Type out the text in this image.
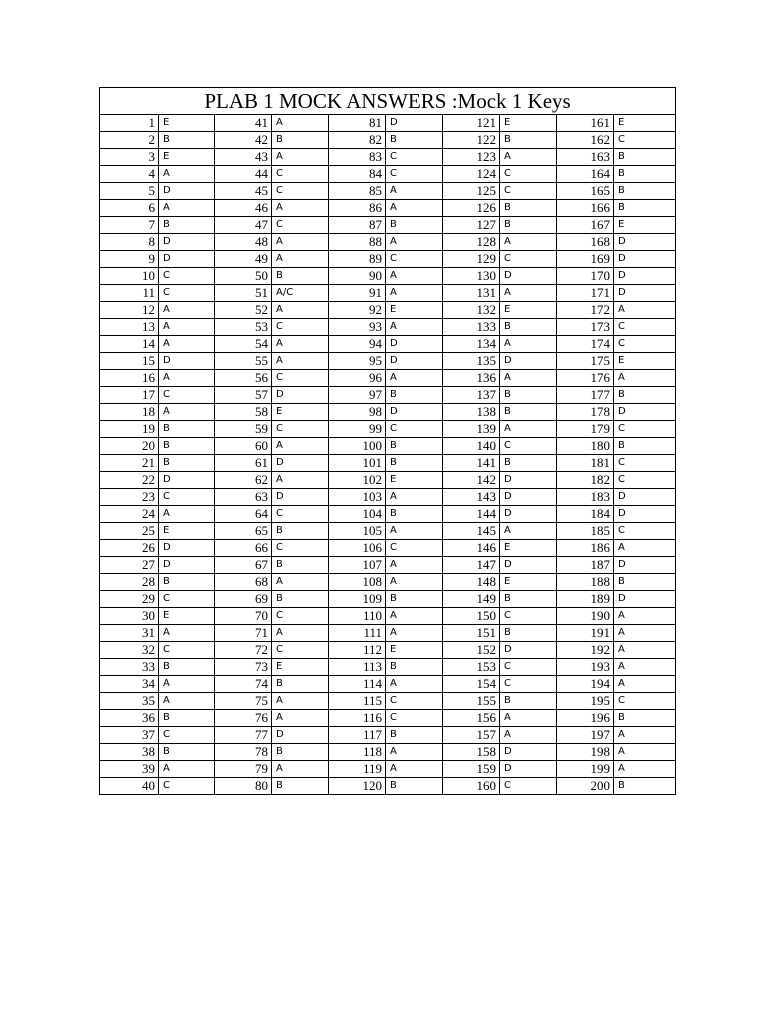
PLAB 1 MOCK ANSWERS :Mock 1 Keys									
1	E	41	A	81	D	121	E	161	E
2	B	42	B	82	B	122	B	162	C
3	E	43	A	83	C	123	A	163	B
4	A	44	C	84	C	124	C	164	B
5	D	45	C	85	A	125	C	165	B
6	A	46	A	86	A	126	B	166	B
7	B	47	C	87	B	127	B	167	E
8	D	48	A	88	A	128	A	168	D
9	D	49	A	89	C	129	C	169	D
10	C	50	B	90	A	130	D	170	D
11	C	51	A/C	91	A	131	A	171	D
12	A	52	A	92	E	132	E	172	A
13	A	53	C	93	A	133	B	173	C
14	A	54	A	94	D	134	A	174	C
15	D	55	A	95	D	135	D	175	E
16	A	56	C	96	A	136	A	176	A
17	C	57	D	97	B	137	B	177	B
18	A	58	E	98	D	138	B	178	D
19	B	59	C	99	C	139	A	179	C
20	B	60	A	100	B	140	C	180	B
21	B	61	D	101	B	141	B	181	C
22	D	62	A	102	E	142	D	182	C
23	C	63	D	103	A	143	D	183	D
24	A	64	C	104	B	144	D	184	D
25	E	65	B	105	A	145	A	185	C
26	D	66	C	106	C	146	E	186	A
27	D	67	B	107	A	147	D	187	D
28	B	68	A	108	A	148	E	188	B
29	C	69	B	109	B	149	B	189	D
30	E	70	C	110	A	150	C	190	A
31	A	71	A	111	A	151	B	191	A
32	C	72	C	112	E	152	D	192	A
33	B	73	E	113	B	153	C	193	A
34	A	74	B	114	A	154	C	194	A
35	A	75	A	115	C	155	B	195	C
36	B	76	A	116	C	156	A	196	B
37	C	77	D	117	B	157	A	197	A
38	B	78	B	118	A	158	D	198	A
39	A	79	A	119	A	159	D	199	A
40	C	80	B	120	B	160	C	200	B
